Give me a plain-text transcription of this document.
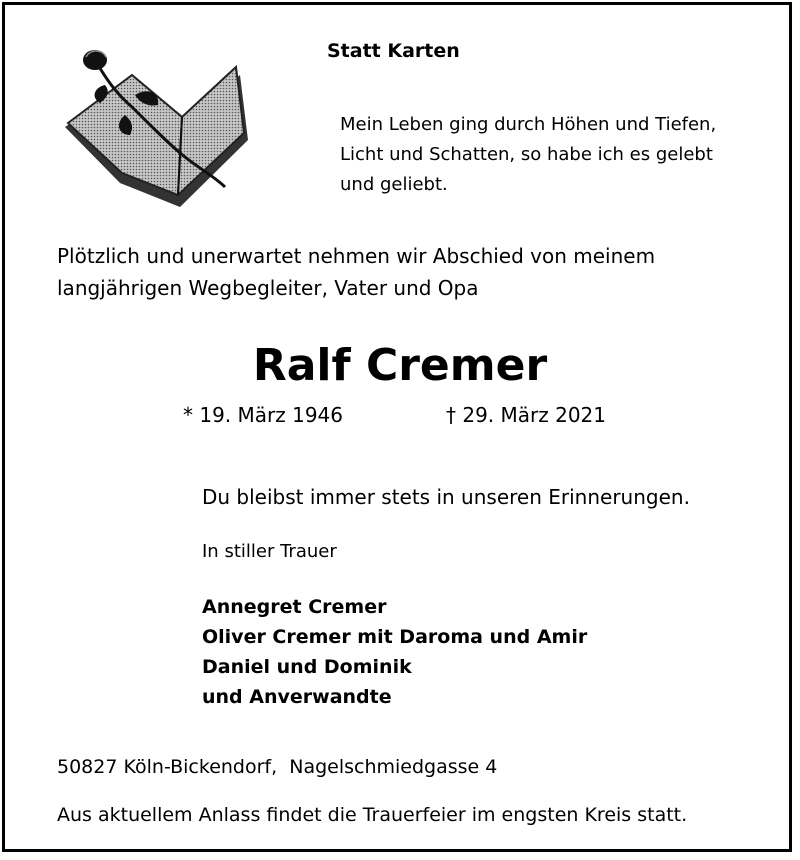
Statt Karten
Mein Leben ging durch Höhen und Tiefen,
Licht und Schatten, so habe ich es gelebt
und geliebt.
Plötzlich und unerwartet nehmen wir Abschied von meinem
langjährigen Wegbegleiter, Vater und Opa
Ralf Cremer
* 19. März 1946	† 29. März 2021
Du bleibst immer stets in unseren Erinnerungen.
In stiller Trauer
Annegret Cremer
Oliver Cremer mit Daroma und Amir
Daniel und Dominik
und Anverwandte
50827 Köln-Bickendorf,  Nagelschmiedgasse 4
Aus aktuellem Anlass findet die Trauerfeier im engsten Kreis statt.
